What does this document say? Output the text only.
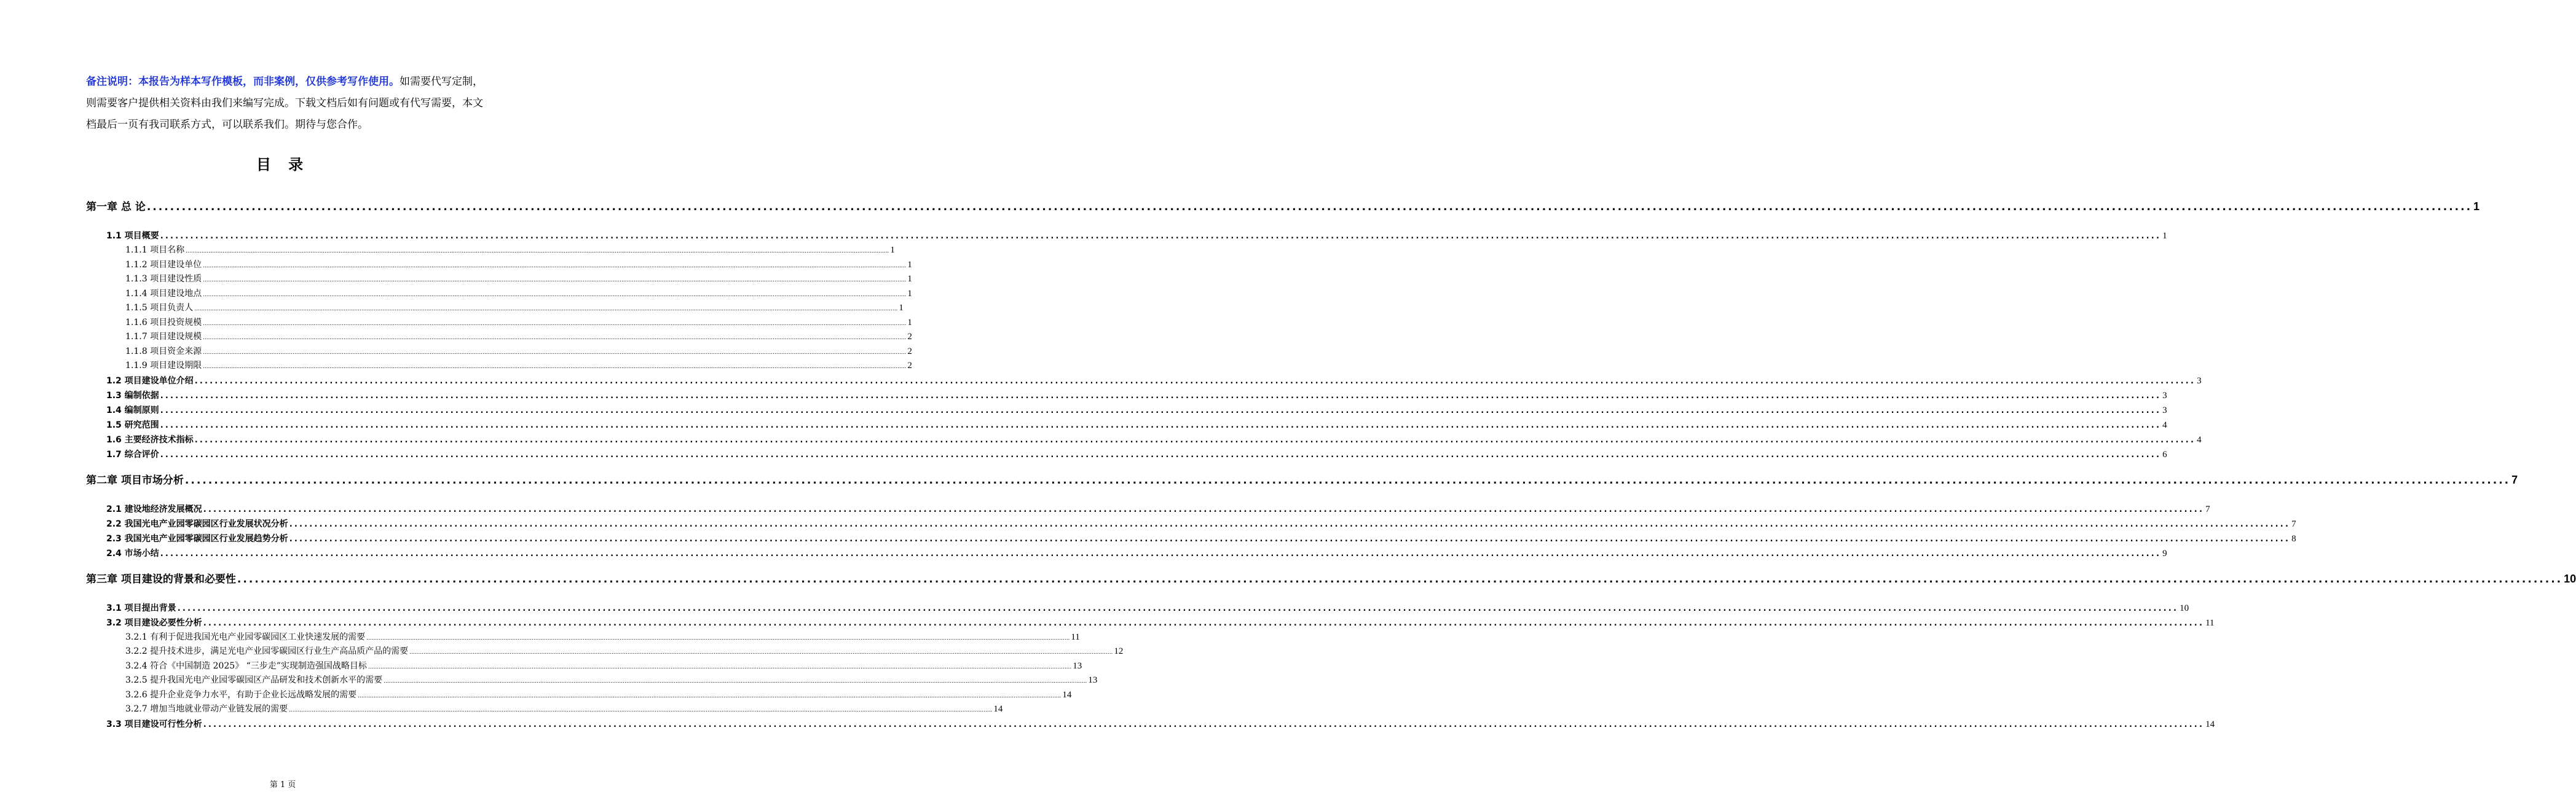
备注说明：本报告为样本写作模板，而非案例，仅供参考写作使用。如需要代写定制，则需要客户提供相关资料由我们来编写完成。下载文档后如有问题或有代写需要，本文档最后一页有我司联系方式，可以联系我们。期待与您合作。
目 录
第一章 总 论 ................................................................................................................................................................................................................................................................................................................................................................................................................ 1
1.1 项目概要 ................................................................................................................................................................................................................................................................................................................................................................................................................ 1
1.1.1 项目名称 ................................................................................................................................................................................................................................................................................................................................................................................................................ 1
1.1.2 项目建设单位 ................................................................................................................................................................................................................................................................................................................................................................................................................ 1
1.1.3 项目建设性质 ................................................................................................................................................................................................................................................................................................................................................................................................................ 1
1.1.4 项目建设地点 ................................................................................................................................................................................................................................................................................................................................................................................................................ 1
1.1.5 项目负责人 ................................................................................................................................................................................................................................................................................................................................................................................................................ 1
1.1.6 项目投资规模 ................................................................................................................................................................................................................................................................................................................................................................................................................ 1
1.1.7 项目建设规模 ................................................................................................................................................................................................................................................................................................................................................................................................................ 2
1.1.8 项目资金来源 ................................................................................................................................................................................................................................................................................................................................................................................................................ 2
1.1.9 项目建设期限 ................................................................................................................................................................................................................................................................................................................................................................................................................ 2
1.2 项目建设单位介绍 ................................................................................................................................................................................................................................................................................................................................................................................................................ 3
1.3 编制依据 ................................................................................................................................................................................................................................................................................................................................................................................................................ 3
1.4 编制原则 ................................................................................................................................................................................................................................................................................................................................................................................................................ 3
1.5 研究范围 ................................................................................................................................................................................................................................................................................................................................................................................................................ 4
1.6 主要经济技术指标 ................................................................................................................................................................................................................................................................................................................................................................................................................ 4
1.7 综合评价 ................................................................................................................................................................................................................................................................................................................................................................................................................ 6
第二章 项目市场分析 ................................................................................................................................................................................................................................................................................................................................................................................................................ 7
2.1 建设地经济发展概况 ................................................................................................................................................................................................................................................................................................................................................................................................................ 7
2.2 我国光电产业园零碳园区行业发展状况分析 ................................................................................................................................................................................................................................................................................................................................................................................................................ 7
2.3 我国光电产业园零碳园区行业发展趋势分析 ................................................................................................................................................................................................................................................................................................................................................................................................................ 8
2.4 市场小结 ................................................................................................................................................................................................................................................................................................................................................................................................................ 9
第三章 项目建设的背景和必要性 ................................................................................................................................................................................................................................................................................................................................................................................................................ 10
3.1 项目提出背景 ................................................................................................................................................................................................................................................................................................................................................................................................................ 10
3.2 项目建设必要性分析 ................................................................................................................................................................................................................................................................................................................................................................................................................ 11
3.2.1 有利于促进我国光电产业园零碳园区工业快速发展的需要 ................................................................................................................................................................................................................................................................................................................................................................................................................ 11
3.2.2 提升技术进步，满足光电产业园零碳园区行业生产高品质产品的需要 ................................................................................................................................................................................................................................................................................................................................................................................................................ 12
3.2.4 符合《中国制造 2025》 “三步走”实现制造强国战略目标 ................................................................................................................................................................................................................................................................................................................................................................................................................ 13
3.2.5 提升我国光电产业园零碳园区产品研发和技术创新水平的需要 ................................................................................................................................................................................................................................................................................................................................................................................................................ 13
3.2.6 提升企业竞争力水平，有助于企业长远战略发展的需要 ................................................................................................................................................................................................................................................................................................................................................................................................................ 14
3.2.7 增加当地就业带动产业链发展的需要 ................................................................................................................................................................................................................................................................................................................................................................................................................ 14
3.3 项目建设可行性分析 ................................................................................................................................................................................................................................................................................................................................................................................................................ 14
第 1 页
